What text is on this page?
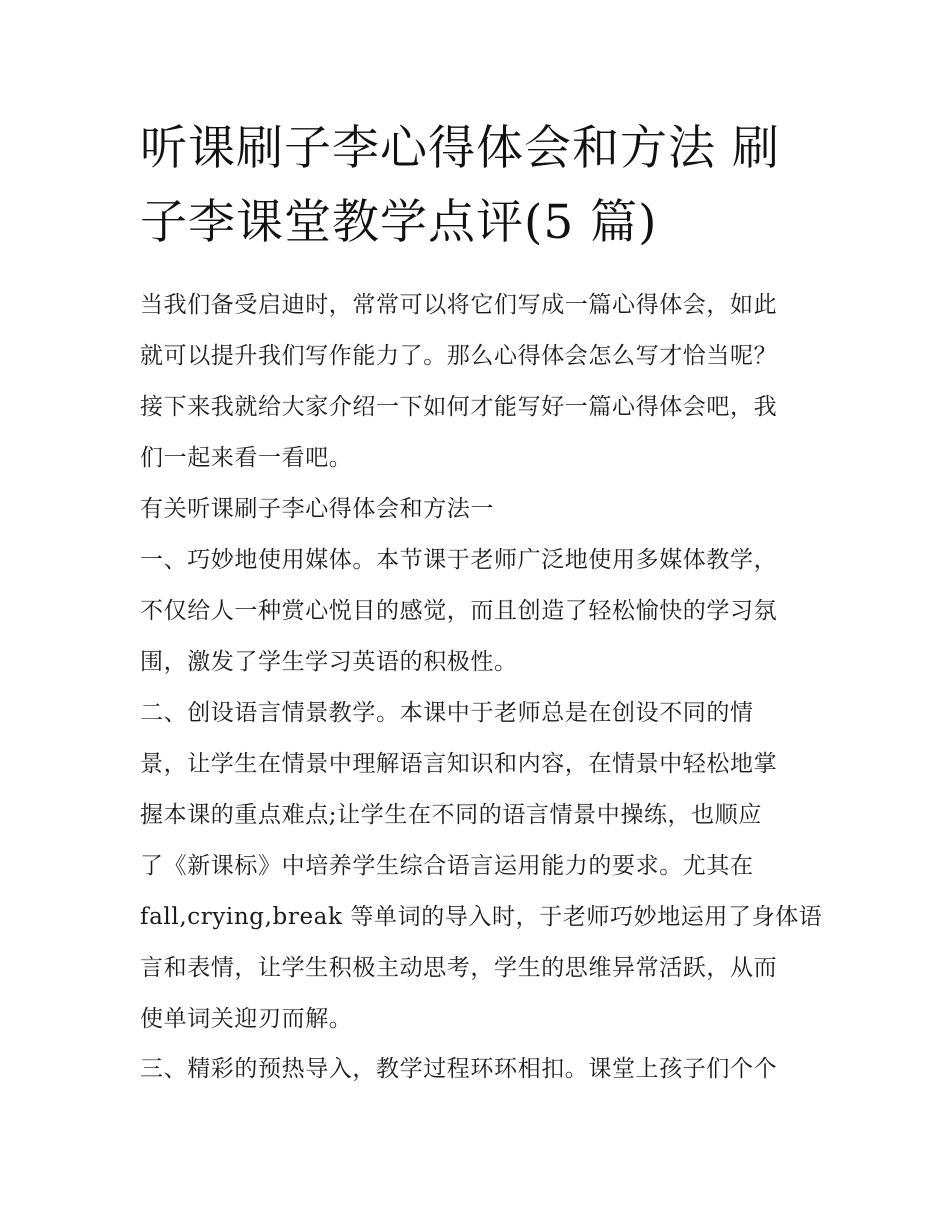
听课刷子李心得体会和方法 刷
子李课堂教学点评(5 篇)

当我们备受启迪时，常常可以将它们写成一篇心得体会，如此
就可以提升我们写作能力了。那么心得体会怎么写才恰当呢？
接下来我就给大家介绍一下如何才能写好一篇心得体会吧，我
们一起来看一看吧。

有关听课刷子李心得体会和方法一

一、巧妙地使用媒体。本节课于老师广泛地使用多媒体教学，
不仅给人一种赏心悦目的感觉，而且创造了轻松愉快的学习氛
围，激发了学生学习英语的积极性。

二、创设语言情景教学。本课中于老师总是在创设不同的情
景，让学生在情景中理解语言知识和内容，在情景中轻松地掌
握本课的重点难点;让学生在不同的语言情景中操练，也顺应
了《新课标》中培养学生综合语言运用能力的要求。尤其在
fall,crying,break 等单词的导入时，于老师巧妙地运用了身体语
言和表情，让学生积极主动思考，学生的思维异常活跃，从而
使单词关迎刃而解。

三、精彩的预热导入，教学过程环环相扣。课堂上孩子们个个
